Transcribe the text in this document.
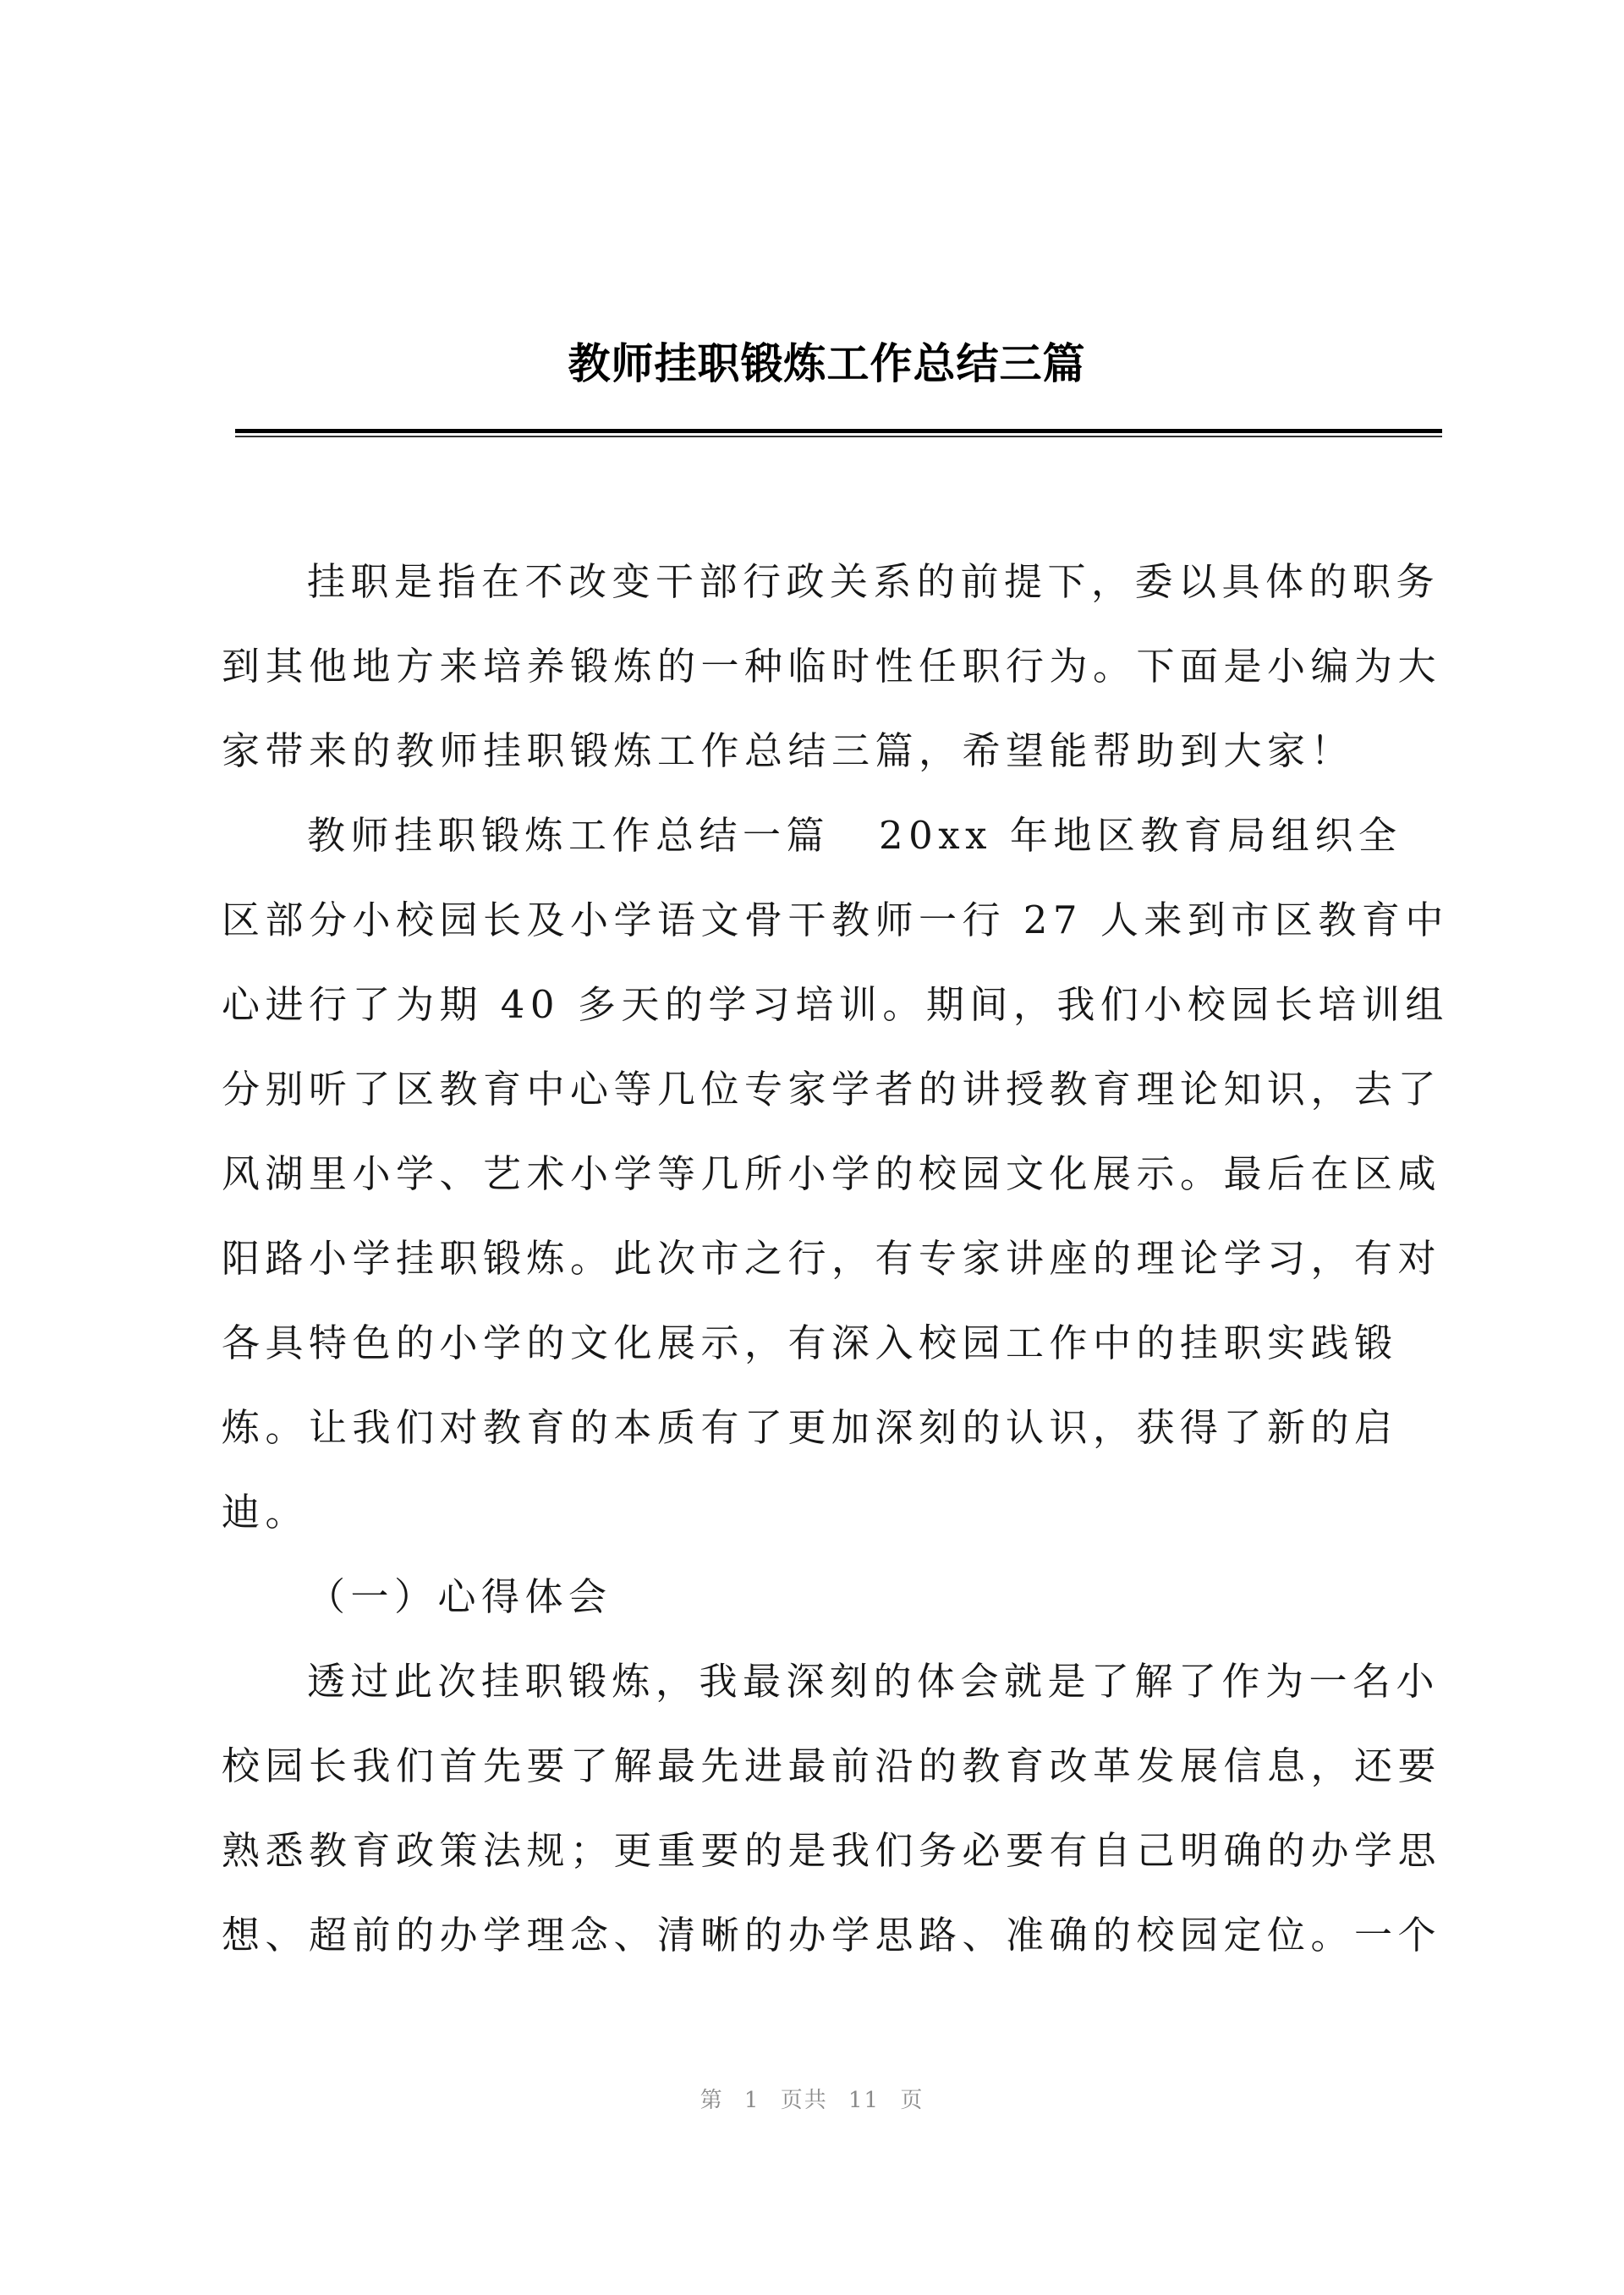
教师挂职锻炼工作总结三篇
挂职是指在不改变干部行政关系的前提下，委以具体的职务
到其他地方来培养锻炼的一种临时性任职行为。下面是小编为大
家带来的教师挂职锻炼工作总结三篇，希望能帮助到大家！
教师挂职锻炼工作总结一篇 20xx 年地区教育局组织全
区部分小校园长及小学语文骨干教师一行 27 人来到市区教育中
心进行了为期 40 多天的学习培训。期间，我们小校园长培训组
分别听了区教育中心等几位专家学者的讲授教育理论知识，去了
风湖里小学、艺术小学等几所小学的校园文化展示。最后在区咸
阳路小学挂职锻炼。此次市之行，有专家讲座的理论学习，有对
各具特色的小学的文化展示，有深入校园工作中的挂职实践锻
炼。让我们对教育的本质有了更加深刻的认识，获得了新的启
迪。
（一）心得体会
透过此次挂职锻炼，我最深刻的体会就是了解了作为一名小
校园长我们首先要了解最先进最前沿的教育改革发展信息，还要
熟悉教育政策法规；更重要的是我们务必要有自己明确的办学思
想、超前的办学理念、清晰的办学思路、准确的校园定位。一个
第 1 页共 11 页
